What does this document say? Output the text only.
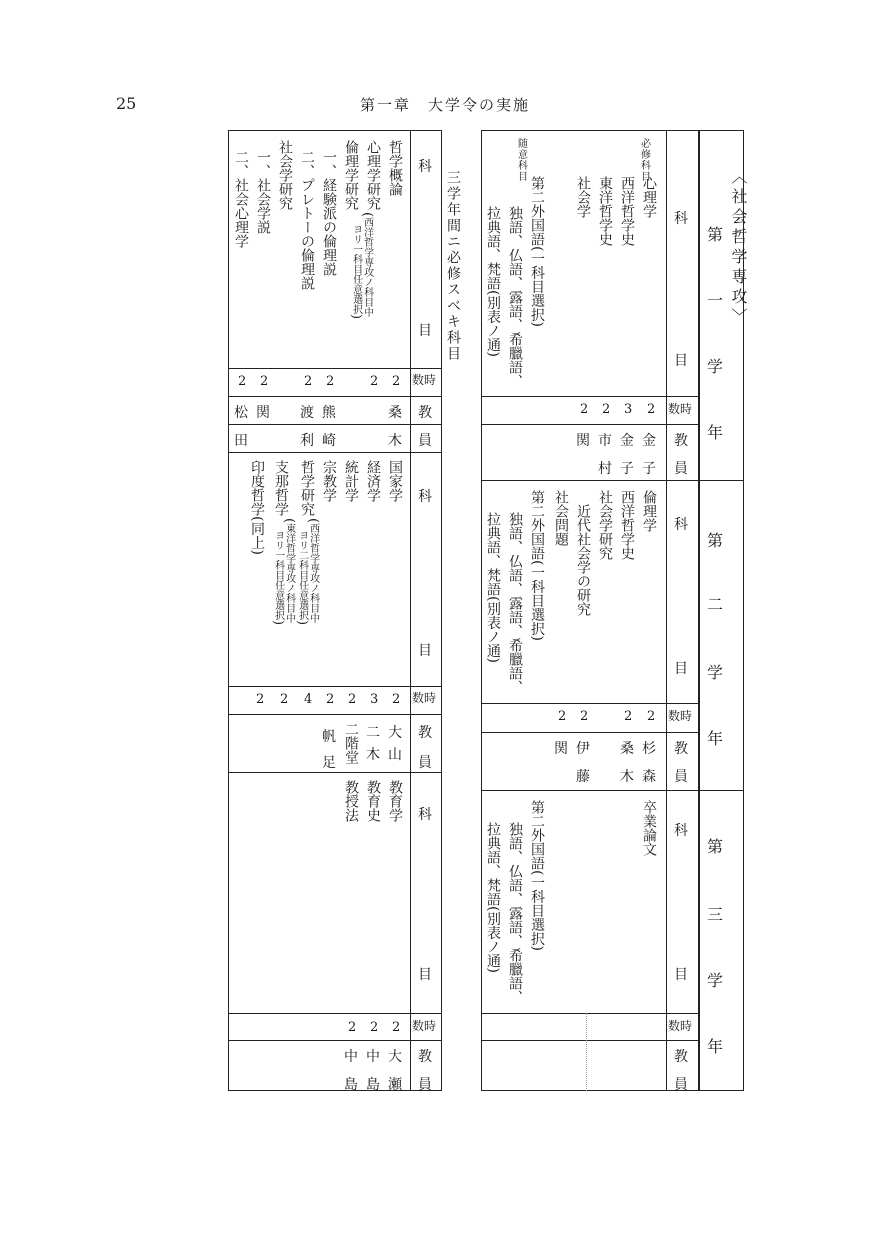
25	第一章　大学令の実施
〈社会哲学専攻〉
三学年間ニ必修スベキ科目	第
一
学
年
第
二
学
年
第
三
学
年
科
目
数時
教
員
科
目
数時
教
員
科
目
数時
教
員
必修科目
随意科目
心理学
西洋哲学史
東洋哲学史
社会学
第二外国語(一科目選択)
独語、仏語、露語、希臘語、
拉典語、梵語(別表ノ通)
2
3
2
2
金
子
金
子
市
村
関
倫理学
西洋哲学史
社会学研究
近代社会学の研究
社会問題
第二外国語(一科目選択)
独語、仏語、露語、希臘語、
拉典語、梵語(別表ノ通)
2
2
2
2
杉
森
桑
木
伊
藤
関
卒業論文
第二外国語(一科目選択)
独語、仏語、露語、希臘語、
拉典語、梵語(別表ノ通)
科
目
数時
教
員
哲学概論
心理学研究
(西洋哲学専攻ノ科目中
ヨリ一科目任意選択)
倫理学研究
一、経験派の倫理説
二、プレトーの倫理説
社会学研究
一、社会学説
二、社会心理学
2
2
2
2
2
2
桑
木
熊
崎
渡
利
関
松
田
科
目
数時
教
員
国家学
経済学
統計学
宗教学
哲学研究
(西洋哲学専攻ノ科目中
ヨリ二科目任意選択)
支那哲学
(東洋哲学専攻ノ科目中
ヨリ一科目任意選択)
印度哲学(同上)
2
3
2
2
4
2
2
大
山
二
木
二階堂
帆
足
科
目
数時
教
員
教育学
教育史
教授法
2
2
2
大
瀬
中
島
中
島
